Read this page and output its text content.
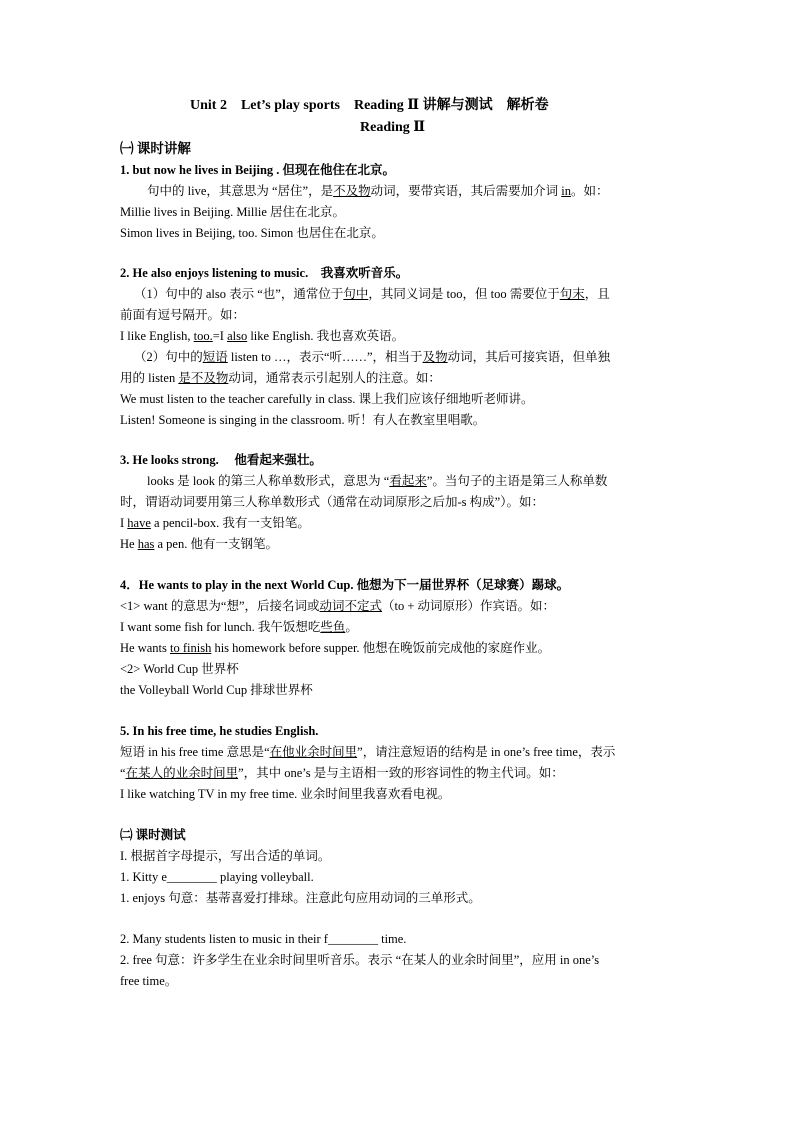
Unit 2　Let’s play sports　Reading Ⅱ 讲解与测试　解析卷
Reading Ⅱ
㈠ 课时讲解
1. but now he lives in Beijing . 但现在他住在北京。
句中的 live，其意思为 “居住”，是不及物动词，要带宾语，其后需要加介词 in。如：
Millie lives in Beijing. Millie 居住在北京。
Simon lives in Beijing, too. Simon 也居住在北京。
2. He also enjoys listening to music.　我喜欢听音乐。
（1）句中的 also 表示 “也”，通常位于句中，其同义词是 too，但 too 需要位于句末，且
前面有逗号隔开。如：
I like English, too.=I also like English. 我也喜欢英语。
（2）句中的短语 listen to …，表示“听……”，相当于及物动词，其后可接宾语，但单独
用的 listen 是不及物动词，通常表示引起别人的注意。如：
We must listen to the teacher carefully in class. 课上我们应该仔细地听老师讲。
Listen! Someone is singing in the classroom. 听！有人在教室里唱歌。
3. He looks strong.　 他看起来强壮。
looks 是 look 的第三人称单数形式，意思为 “看起来”。当句子的主语是第三人称单数
时，谓语动词要用第三人称单数形式（通常在动词原形之后加-s 构成”）。如：
I have a pencil-box. 我有一支铅笔。
He has a pen. 他有一支钢笔。
4．He wants to play in the next World Cup. 他想为下一届世界杯（足球赛）踢球。
<1> want 的意思为“想”，后接名词或动词不定式（to + 动词原形）作宾语。如：
I want some fish for lunch. 我午饭想吃些鱼。
He wants to finish his homework before supper. 他想在晚饭前完成他的家庭作业。
<2> World Cup 世界杯
the Volleyball World Cup 排球世界杯
5. In his free time, he studies English.
短语 in his free time 意思是“在他业余时间里”，请注意短语的结构是 in one’s free time，表示
“在某人的业余时间里”，其中 one’s 是与主语相一致的形容词性的物主代词。如：
I like watching TV in my free time. 业余时间里我喜欢看电视。
㈡ 课时测试
I. 根据首字母提示，写出合适的单词。
1. Kitty e________ playing volleyball.
1. enjoys 句意：基蒂喜爱打排球。注意此句应用动词的三单形式。
2. Many students listen to music in their f________ time.
2. free 句意：许多学生在业余时间里听音乐。表示 “在某人的业余时间里”，应用 in one’s
free time。
